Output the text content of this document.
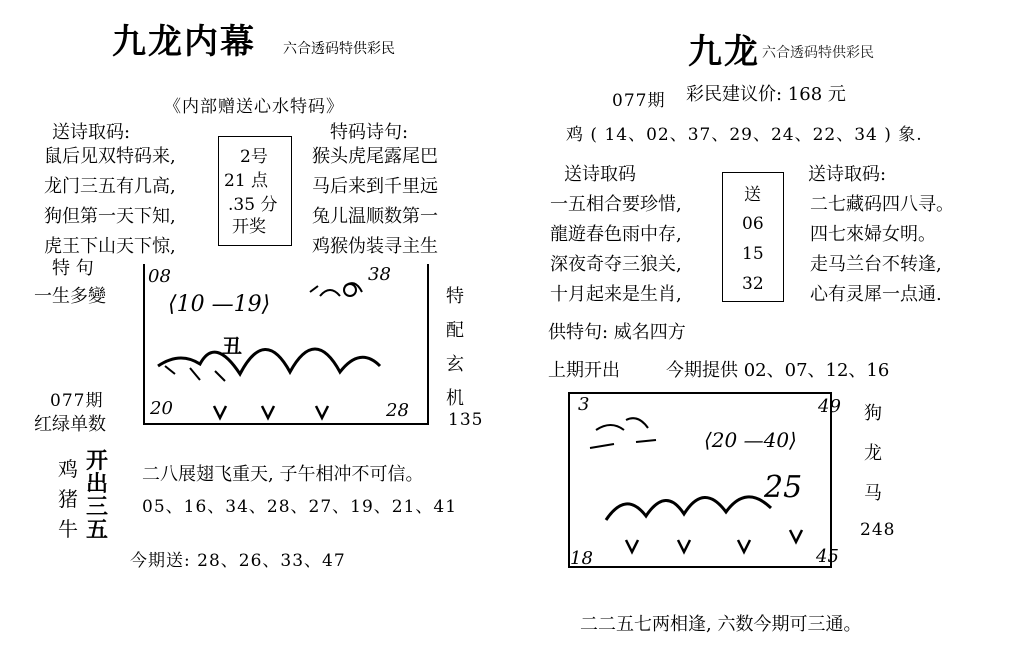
九龙内幕 六合透码特供彩民
《内部赠送心水特码》
送诗取码:	特码诗句:
鼠后见双特码来,
龙门三五有几高,
狗但第一天下知,
虎王下山天下惊,
2号
21 点
.35 分
开奖
猴头虎尾露尾巴
马后来到千里远
兔儿温顺数第一
鸡猴伪装寻主生
特 句
一生多變
08	38
⟨10 —19⟩
丑
20	28
特
配
玄
机
135
077期
红绿单数
鸡
猪
牛
开
出
三
五
二八展翅飞重天, 子午相冲不可信。
05、16、34、28、27、19、21、41
今期送: 28、26、33、47
九龙 六合透码特供彩民
077期 彩民建议价: 168 元
鸡 ( 14、02、37、29、24、22、34 ) 象.
送诗取码	送诗取码:
一五相合要珍惜,
龍遊春色雨中存,
深夜奇夺三狼关,
十月起来是生肖,
送
06
15
32
二七藏码四八寻。
四七來婦女明。
走马兰台不转逢,
心有灵犀一点通.
供特句: 威名四方
上期开出	今期提供 02、07、12、16
3	49
⟨20 —40⟩
25
18	45
狗
龙
马
248
二二五七两相逢, 六数今期可三通。
